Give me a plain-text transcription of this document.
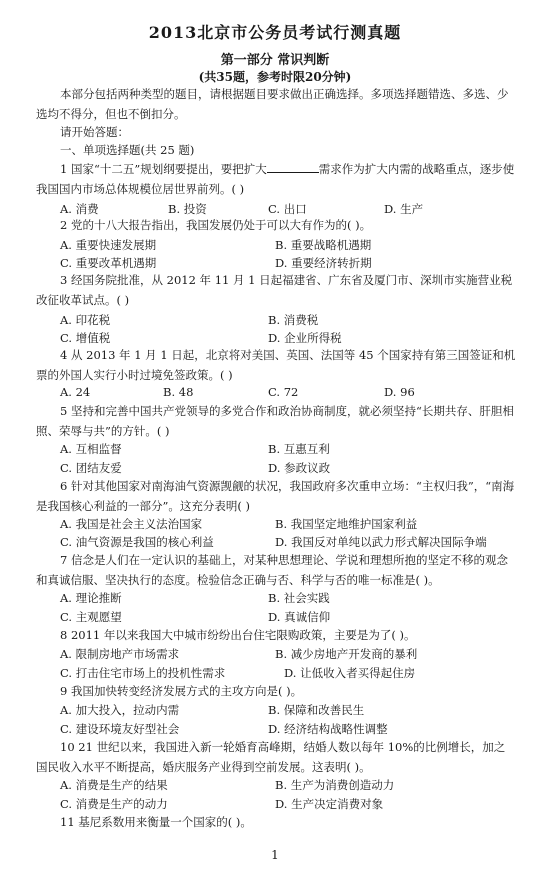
2013北京市公务员考试行测真题
第一部分 常识判断
(共35题，参考时限20分钟)
本部分包括两种类型的题目，请根据题目要求做出正确选择。多项选择题错选、多选、少选均不得分，但也不倒扣分。
请开始答题：
一、单项选择题(共 25 题)
1 国家“十二五”规划纲要提出，要把扩大	需求作为扩大内需的战略重点，逐步使我国国内市场总体规模位居世界前列。( )
A. 消费	B. 投资	C. 出口	D. 生产
2 党的十八大报告指出，我国发展仍处于可以大有作为的( )。
A. 重要快速发展期	B. 重要战略机遇期
C. 重要改革机遇期	D. 重要经济转折期
3 经国务院批准，从 2012 年 11 月 1 日起福建省、广东省及厦门市、深圳市实施营业税改征收革试点。( )
A. 印花税	B. 消费税
C. 增值税	D. 企业所得税
4 从 2013 年 1 月 1 日起，北京将对美国、英国、法国等 45 个国家持有第三国签证和机票的外国人实行小时过境免签政策。( )
A. 24	B. 48	C. 72	D. 96
5 坚持和完善中国共产党领导的多党合作和政治协商制度，就必须坚持“长期共存、肝胆相照、荣辱与共”的方针。( )
A. 互相监督	B. 互惠互利
C. 团结友爱	D. 参政议政
6 针对其他国家对南海油气资源觊觎的状况，我国政府多次重申立场：“主权归我”，“南海是我国核心利益的一部分”。这充分表明( )
A. 我国是社会主义法治国家	B. 我国坚定地维护国家利益
C. 油气资源是我国的核心利益	D. 我国反对单纯以武力形式解决国际争端
7 信念是人们在一定认识的基础上，对某种思想理论、学说和理想所抱的坚定不移的观念和真诚信服、坚决执行的态度。检验信念正确与否、科学与否的唯一标准是( )。
A. 理论推断	B. 社会实践
C. 主观愿望	D. 真诚信仰
8 2011 年以来我国大中城市纷纷出台住宅限购政策，主要是为了( )。
A. 限制房地产市场需求	B. 减少房地产开发商的暴利
C. 打击住宅市场上的投机性需求	D. 让低收入者买得起住房
9 我国加快转变经济发展方式的主攻方向是( )。
A. 加大投入，拉动内需	B. 保障和改善民生
C. 建设环境友好型社会	D. 经济结构战略性调整
10 21 世纪以来，我国进入新一轮婚育高峰期，结婚人数以每年 10%的比例增长，加之国民收入水平不断提高，婚庆服务产业得到空前发展。这表明( )。
A. 消费是生产的结果	B. 生产为消费创造动力
C. 消费是生产的动力	D. 生产决定消费对象
11 基尼系数用来衡量一个国家的( )。
1
